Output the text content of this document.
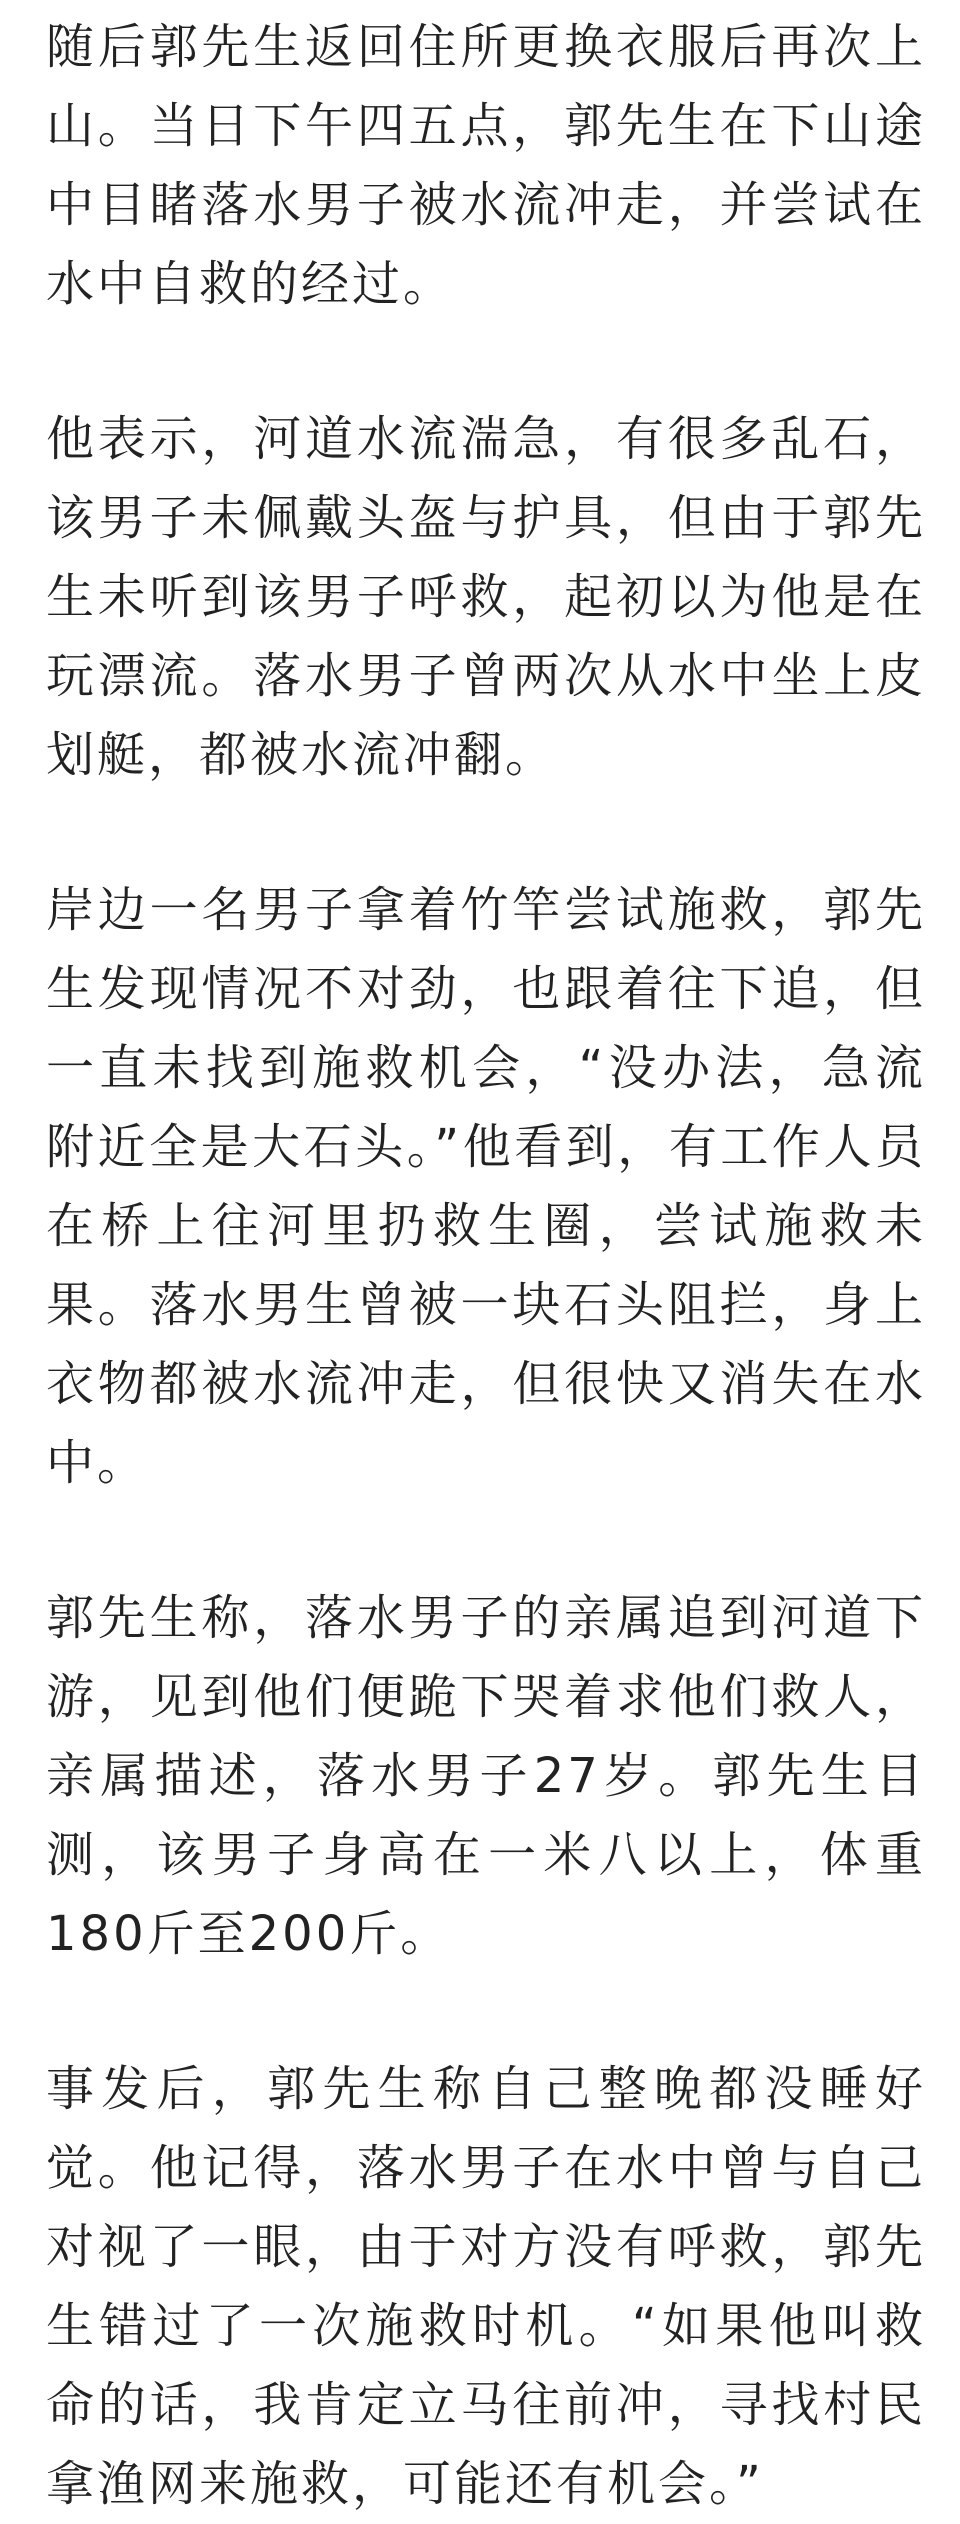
随后郭先生返回住所更换衣服后再次上山。当日下午四五点，郭先生在下山途中目睹落水男子被水流冲走，并尝试在水中自救的经过。

他表示，河道水流湍急，有很多乱石，该男子未佩戴头盔与护具，但由于郭先生未听到该男子呼救，起初以为他是在玩漂流。落水男子曾两次从水中坐上皮划艇，都被水流冲翻。

岸边一名男子拿着竹竿尝试施救，郭先生发现情况不对劲，也跟着往下追，但一直未找到施救机会，“没办法，急流附近全是大石头。”他看到，有工作人员在桥上往河里扔救生圈，尝试施救未果。落水男生曾被一块石头阻拦，身上衣物都被水流冲走，但很快又消失在水中。

郭先生称，落水男子的亲属追到河道下游，见到他们便跪下哭着求他们救人，亲属描述，落水男子27岁。郭先生目测，该男子身高在一米八以上，体重180斤至200斤。

事发后，郭先生称自己整晚都没睡好觉。他记得，落水男子在水中曾与自己对视了一眼，由于对方没有呼救，郭先生错过了一次施救时机。“如果他叫救命的话，我肯定立马往前冲，寻找村民拿渔网来施救，可能还有机会。”
